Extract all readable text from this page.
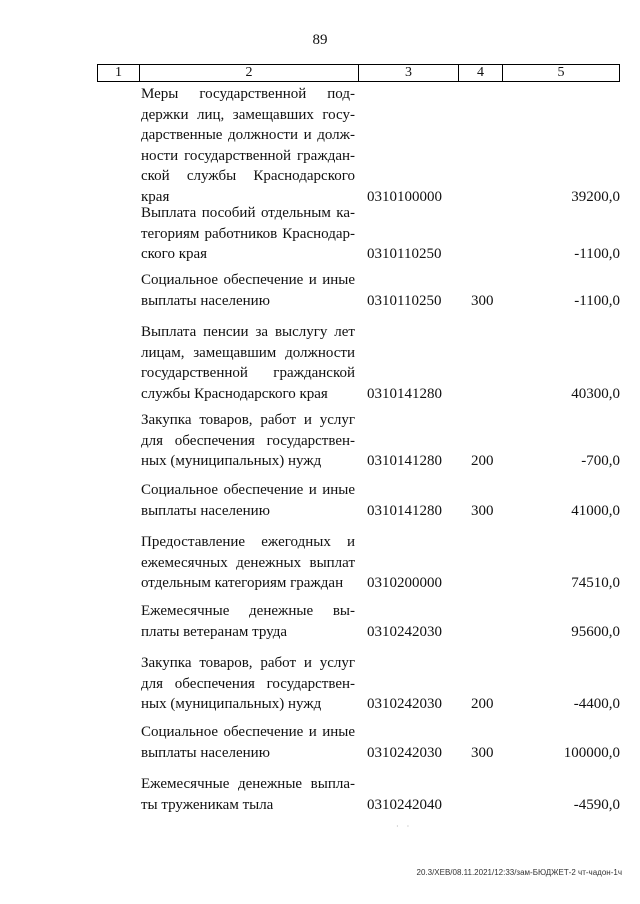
89
1	2	3	4	5
Меры государственной под-
держки лиц, замещавших госу-
дарственные должности и долж-
ности государственной граждан-
ской службы Краснодарского
края	0310100000	39200,0
Выплата пособий отдельным ка-
тегориям работников Краснодар-
ского края	0310110250	-1100,0
Социальное обеспечение и иные
выплаты населению	0310110250 300	-1100,0
Выплата пенсии за выслугу лет
лицам, замещавшим должности
государственной гражданской
службы Краснодарского края	0310141280	40300,0
Закупка товаров, работ и услуг
для обеспечения государствен-
ных (муниципальных) нужд	0310141280 200	-700,0
Социальное обеспечение и иные
выплаты населению	0310141280 300	41000,0
Предоставление ежегодных и
ежемесячных денежных выплат
отдельным категориям граждан	0310200000	74510,0
Ежемесячные денежные вы-
платы ветеранам труда	0310242030	95600,0
Закупка товаров, работ и услуг
для обеспечения государствен-
ных (муниципальных) нужд	0310242030 200	-4400,0
Социальное обеспечение и иные
выплаты населению	0310242030 300	100000,0
Ежемесячные денежные выпла-
ты труженикам тыла	0310242040	-4590,0
· ·
20.3/XEB/08.11.2021/12:33/зам-БЮДЖЕТ-2 чт-чадон-1ч
